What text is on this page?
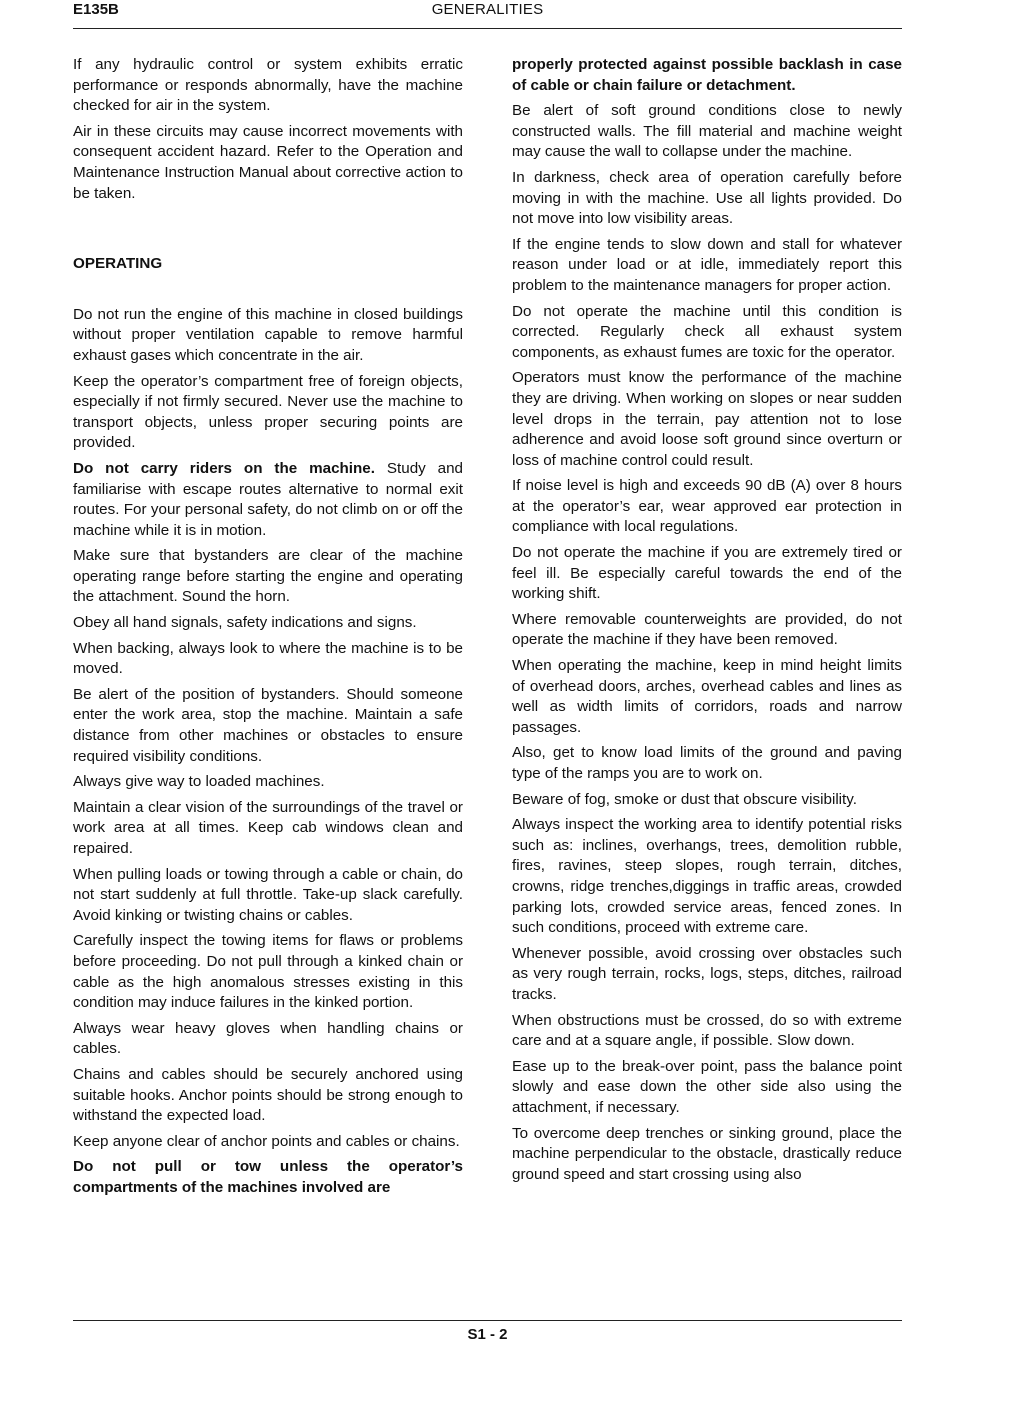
E135B	GENERALITIES

If any hydraulic control or system exhibits erratic performance or responds abnormally, have the machine checked for air in the system.

Air in these circuits may cause incorrect movements with consequent accident hazard. Refer to the Operation and Maintenance Instruction Manual about corrective action to be taken.

OPERATING

Do not run the engine of this machine in closed buildings without proper ventilation capable to remove harmful exhaust gases which concentrate in the air.

Keep the operator’s compartment free of foreign objects, especially if not firmly secured. Never use the machine to transport objects, unless proper securing points are provided.

Do not carry riders on the machine. Study and familiarise with escape routes alternative to normal exit routes. For your personal safety, do not climb on or off the machine while it is in motion.

Make sure that bystanders are clear of the machine operating range before starting the engine and operating the attachment. Sound the horn.

Obey all hand signals, safety indications and signs.

When backing, always look to where the machine is to be moved.

Be alert of the position of bystanders. Should someone enter the work area, stop the machine. Maintain a safe distance from other machines or obstacles to ensure required visibility conditions.

Always give way to loaded machines.

Maintain a clear vision of the surroundings of the travel or work area at all times. Keep cab windows clean and repaired.

When pulling loads or towing through a cable or chain, do not start suddenly at full throttle. Take-up slack carefully. Avoid kinking or twisting chains or cables.

Carefully inspect the towing items for flaws or problems before proceeding. Do not pull through a kinked chain or cable as the high anomalous stresses existing in this condition may induce failures in the kinked portion.

Always wear heavy gloves when handling chains or cables.

Chains and cables should be securely anchored using suitable hooks. Anchor points should be strong enough to withstand the expected load.

Keep anyone clear of anchor points and cables or chains.

Do not pull or tow unless the operator’s compartments of the machines involved are

properly protected against possible backlash in case of cable or chain failure or detachment.

Be alert of soft ground conditions close to newly constructed walls. The fill material and machine weight may cause the wall to collapse under the machine.

In darkness, check area of operation carefully before moving in with the machine. Use all lights provided. Do not move into low visibility areas.

If the engine tends to slow down and stall for whatever reason under load or at idle, immediately report this problem to the maintenance managers for proper action.

Do not operate the machine until this condition is corrected. Regularly check all exhaust system components, as exhaust fumes are toxic for the operator.

Operators must know the performance of the machine they are driving. When working on slopes or near sudden level drops in the terrain, pay attention not to lose adherence and avoid loose soft ground since overturn or loss of machine control could result.

If noise level is high and exceeds 90 dB (A) over 8 hours at the operator’s ear, wear approved ear protection in compliance with local regulations.

Do not operate the machine if you are extremely tired or feel ill. Be especially careful towards the end of the working shift.

Where removable counterweights are provided, do not operate the machine if they have been removed.

When operating the machine, keep in mind height limits of overhead doors, arches, overhead cables and lines as well as width limits of corridors, roads and narrow passages.

Also, get to know load limits of the ground and paving type of the ramps you are to work on.

Beware of fog, smoke or dust that obscure visibility.

Always inspect the working area to identify potential risks such as: inclines, overhangs, trees, demolition rubble, fires, ravines, steep slopes, rough terrain, ditches, crowns, ridge trenches,diggings in traffic areas, crowded parking lots, crowded service areas, fenced zones. In such conditions, proceed with extreme care.

Whenever possible, avoid crossing over obstacles such as very rough terrain, rocks, logs, steps, ditches, railroad tracks.

When obstructions must be crossed, do so with extreme care and at a square angle, if possible. Slow down.

Ease up to the break-over point, pass the balance point slowly and ease down the other side also using the attachment, if necessary.

To overcome deep trenches or sinking ground, place the machine perpendicular to the obstacle, drastically reduce ground speed and start crossing using also

S1 - 2
